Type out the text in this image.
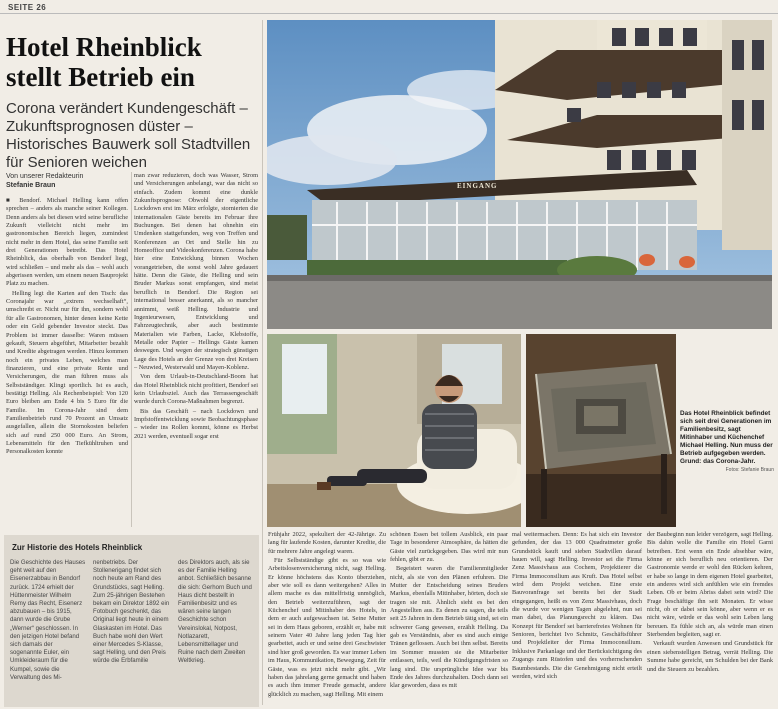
SEITE 26
Hotel Rheinblick
stellt Betrieb ein
Corona verändert Kundengeschäft – Zukunftsprognosen düster – Historisches Bauwerk soll Stadtvillen für Senioren weichen
Von unserer Redakteurin
Stefanie Braun

■ Bendorf. Michael Helling kann offen sprechen – anders als manche seiner Kollegen. Denn anders als bei diesen wird seine berufliche Zukunft vielleicht nicht mehr im gastronomischen Bereich liegen, zumindest nicht mehr in dem Hotel, das seine Familie seit drei Generationen betreibt. Das Hotel Rheinblick, das oberhalb von Bendorf liegt, wird schließen – und mehr als das – wohl auch abgerissen werden, um einem neuen Bauprojekt Platz zu machen.

Helling legt die Karten auf den Tisch: das Coronajahr war „extrem wechselhaft“, umschreibt er. Nicht nur für ihn, sondern wohl für alle Gastronomen, hinter denen keine Kette oder ein Geld gebender Investor steckt. Das Problem ist immer dasselbe: Waren müssen gekauft, Steuern abgeführt, Mitarbeiter bezahlt und Kredite abgetragen werden. Hinzu kommen noch ein privates Leben, welches man finanzieren, und eine private Rente und Versicherungen, die man führen muss als Selbstständiger. Klingt sportlich. Ist es auch, bestätigt Helling. Als Rechenbeispiel: Von 120 Euro bleiben am Ende 4 bis 5 Euro für die Familie. Im Corona-Jahr sind dem Familienbetrieb rund 70 Prozent an Umsatz ausgefallen, allein die Stornokosten beliefen sich auf rund 250 000 Euro. An Strom, Lebensmitteln für den Tiefkühltruhen und Personalkosten konnte

man zwar reduzieren, doch was Wasser, Strom und Versicherungen anbelangt, war das nicht so einfach. Zudem kommt eine dunkle Zukunftsprognose: Obwohl der eigentliche Lockdown erst im März erfolgte, stornierten die internationalen Gäste bereits im Februar ihre Buchungen. Bei denen hat ohnehin ein Umdenken stattgefunden, weg von Treffen und Konferenzen an Ort und Stelle hin zu Homeoffice und Videokonferenzen. Corona habe hier eine Entwicklung binnen Wochen vorangetrieben, die sonst wohl Jahre gedauert hätte. Denn die Gäste, die Helling und sein Bruder Markus sonst empfangen, sind meist beruflich in Bendorf. Die Region sei international besser anerkannt, als so mancher annimmt, weiß Helling. Industrie und Ingenieurwesen, Entwicklung und Fahrzeugtechnik, aber auch bestimmte Materialien wie Farben, Lacke, Klebstoffe, Metalle oder Papier – Hellings Gäste kamen deswegen. Und wegen der strategisch günstigen Lage des Hotels an der Grenze von drei Kreisen – Neuwied, Westerwald und Mayen-Koblenz.

Von dem Urlaub-in-Deutschland-Boom hat das Hotel Rheinblick nicht profitiert, Bendorf sei kein Urlaubsziel. Auch das Terrassengeschäft wurde durch Corona-Maßnahmen begrenzt.

Bis das Geschäft – nach Lockdown und Impfstoffentwicklung sowie Beobachtungsphase – wieder ins Rollen kommt, könne es Herbst 2021 werden, eventuell sogar erst

Zur Historie des Hotels Rheinblick
Die Geschichte des Hauses geht weit auf den Eisenerzabbau in Bendorf zurück. 1724 erhielt der Hüttenmeister Wilhelm Remy das Recht, Eisenerz abzubauen – bis 1915, dann wurde die Grube „Werner“ geschlossen. In den jetzigen Hotel befand sich damals der sogenannte Euler, ein Umkleideraum für die Kumpel, sowie die Verwaltung des Mi-
nenbetriebs. Der Stollenerigang findet sich noch heute am Rand des Grundstücks, sagt Helling. Zum 25-jährigen Bestehen bekam ein Direktor 1892 ein Fotobuch geschenkt, das Original liegt heute in einem Glaskasten im Hotel. Das Buch habe wohl den Wert einer Mercedes S-Klasse, sagt Helling, und den Preis würde die Erbfamilie
des Direktors auch, als sie es der Familie Helling anbot. Schließlich besanne die sich: Gerhorn Buch und Haus dicht bestellt in Familienbesitz und es wären seine langen Geschichte schon Vereinslokal, Notpost, Notlazarett, Lebensmittellager und Ruine nach dem Zweiten Weltkrieg.
EINGANG
Das Hotel Rheinblick befindet sich seit drei Generationen im Familienbesitz, sagt Mitinhaber und Küchenchef Michael Helling. Nun muss der Betrieb aufgegeben werden. Grund: das Corona-Jahr.
Fotos: Stefanie Braun

Frühjahr 2022, spekuliert der 42-Jährige. Zu lang für laufende Kosten, darunter Kredite, die für mehrere Jahre angelegt waren.

Für Selbstständige gibt es so was wie Arbeitslosenversicherung nicht, sagt Helling. Er könne höchstens das Konto überziehen, aber wie soll es dann weitergehen? Alles in allem mache es das mittelfristig unmöglich, den Betrieb weiterzuführen, sagt der Küchenchef und Mitinhaber des Hotels, in dem er auch aufgewachsen ist. Seine Mutter sei in dem Haus geboren, erzählt er, habe mit seinem Vater 40 Jahre lang jeden Tag hier gearbeitet, auch er und seine drei Geschwister sind hier groß geworden. Es war immer Leben im Haus, Kommunikation, Bewegung, Zeit für Gäste, was es jetzt nicht mehr gibt. „Wir haben das jahrelang gerne gemacht und haben es auch ihm immer Freude gemacht, andere glücklich zu machen, sagt Helling. Mit einem

schönen Essen bei tollem Ausblick, ein paar Tage in besonderer Atmosphäre, da hätten die Gäste viel zurückgegeben. Das wird mir nun fehlen, gibt er zu.

Begeistert waren die Familienmitglieder nicht, als sie von den Plänen erfuhren. Die Mutter der Entscheidung seines Bruders Markus, ebenfalls Mitinhaber, hörten, doch sie tragen sie mit. Ähnlich sieht es bei den Angestellten aus. Es denen zu sagen, die teils seit 25 Jahren in dem Betrieb tätig sind, sei ein schwerer Gang gewesen, erzählt Helling. Da gab es Verständnis, aber es sind auch einige Tränen geflossen. Auch bei ihm selbst. Bereits im Sommer mussten sie die Mitarbeiter entlassen, teils, weil die Kündigungsfristen so lang sind. Die ursprüngliche Idee war bis Ende des Jahres durchzuhalten. Doch dann sei klar geworden, dass es mit

mal weitermachen. Denn: Es hat sich ein Investor gefunden, der das 13 000 Quadratmeter große Grundstück kauft und sieben Stadtvillen darauf bauen will, sagt Helling. Investor sei die Firma Zenz Massivhaus aus Cochem, Projektierer die Firma Immoconsilium aus Kruft. Das Hotel selbst wird dem Projekt weichen. Eine erste Bauvoranfrage sei bereits bei der Stadt eingegangen, heißt es von Zenz Massivhaus, doch die wurde vor wenigen Tagen abgelehnt, nun sei man dabei, das Planungsrecht zu klären. Das Konzept für Bendorf sei barrierefreies Wohnen für Senioren, berichtet Ivo Schmitz, Geschäftsführer und Projektleiter der Firma Immoconsilium. Inklusive Parkanlage und der Berücksichtigung des Zugangs zum Rüstofen und des vorherrschenden Baumbestands. Die die Genehmigung nicht erteilt werden, wird sich

der Baubeginn nun leider verzögern, sagt Helling. Bis dahin wolle die Familie ein Hotel Garni betreiben. Erst wenn ein Ende absehbar wäre, könne er sich beruflich neu orientieren. Der Gastronomie werde er wohl den Rücken kehren, er habe so lange in dem eigenen Hotel gearbeitet, ein anderes wird sich anfühlen wie ein fremdes Leben. Ob er beim Abriss dabei sein wird? Die Frage beschäftige ihn seit Monaten. Er wisse nicht, ob er dabei sein könne, aber wenn er es nicht wäre, würde er das wohl sein Leben lang bereuen. Es fühle sich an, als würde man einen Sterbenden begleiten, sagt er.

Verkauft wurden Anwesen und Grundstück für einen siebenstelligen Betrag, verrät Helling. Die Summe habe gereicht, um Schulden bei der Bank und die Steuern zu bezahlen.
